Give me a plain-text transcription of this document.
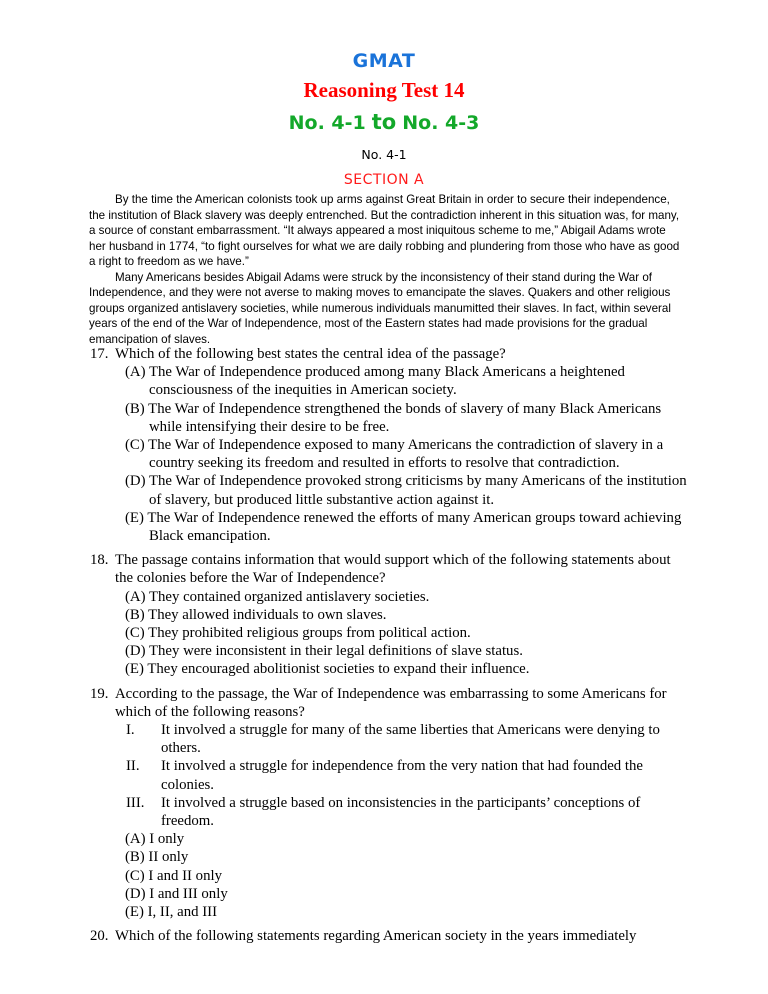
GMAT
Reasoning Test 14
No. 4-1 to No. 4-3
No. 4-1
SECTION A

By the time the American colonists took up arms against Great Britain in order to secure their independence, the institution of Black slavery was deeply entrenched. But the contradiction inherent in this situation was, for many, a source of constant embarrassment. “It always appeared a most iniquitous scheme to me,” Abigail Adams wrote her husband in 1774, “to fight ourselves for what we are daily robbing and plundering from those who have as good a right to freedom as we have.”

Many Americans besides Abigail Adams were struck by the inconsistency of their stand during the War of Independence, and they were not averse to making moves to emancipate the slaves. Quakers and other religious groups organized antislavery societies, while numerous individuals manumitted their slaves. In fact, within several years of the end of the War of Independence, most of the Eastern states had made provisions for the gradual emancipation of slaves.

17. Which of the following best states the central idea of the passage?
(A) The War of Independence produced among many Black Americans a heightened consciousness of the inequities in American society.
(B) The War of Independence strengthened the bonds of slavery of many Black Americans while intensifying their desire to be free.
(C) The War of Independence exposed to many Americans the contradiction of slavery in a country seeking its freedom and resulted in efforts to resolve that contradiction.
(D) The War of Independence provoked strong criticisms by many Americans of the institution of slavery, but produced little substantive action against it.
(E) The War of Independence renewed the efforts of many American groups toward achieving Black emancipation.
18. The passage contains information that would support which of the following statements about the colonies before the War of Independence?
(A) They contained organized antislavery societies.
(B) They allowed individuals to own slaves.
(C) They prohibited religious groups from political action.
(D) They were inconsistent in their legal definitions of slave status.
(E) They encouraged abolitionist societies to expand their influence.
19. According to the passage, the War of Independence was embarrassing to some Americans for which of the following reasons?
I. It involved a struggle for many of the same liberties that Americans were denying to others.
II. It involved a struggle for independence from the very nation that had founded the colonies.
III. It involved a struggle based on inconsistencies in the participants’ conceptions of freedom.
(A) I only
(B) II only
(C) I and II only
(D) I and III only
(E) I, II, and III
20. Which of the following statements regarding American society in the years immediately
